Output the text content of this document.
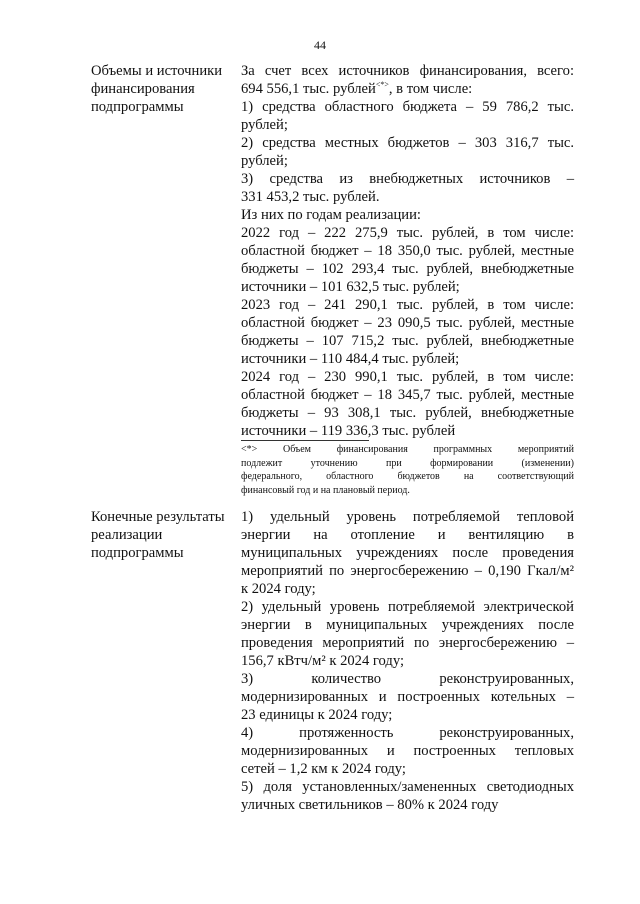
44
Объемы и источники
финансирования
подпрограммы
За счет всех источников финансирования, всего:
694 556,1 тыс. рублей<*>, в том числе:
1) средства областного бюджета – 59 786,2 тыс.
рублей;
2) средства местных бюджетов – 303 316,7 тыс.
рублей;
3) средства из внебюджетных источников –
331 453,2 тыс. рублей.
Из них по годам реализации:
2022 год – 222 275,9 тыс. рублей, в том числе:
областной бюджет – 18 350,0 тыс. рублей, местные
бюджеты – 102 293,4 тыс. рублей, внебюджетные
источники – 101 632,5 тыс. рублей;
2023 год – 241 290,1 тыс. рублей, в том числе:
областной бюджет – 23 090,5 тыс. рублей, местные
бюджеты – 107 715,2 тыс. рублей, внебюджетные
источники – 110 484,4 тыс. рублей;
2024 год – 230 990,1 тыс. рублей, в том числе:
областной бюджет – 18 345,7 тыс. рублей, местные
бюджеты – 93 308,1 тыс. рублей, внебюджетные
источники – 119 336,3 тыс. рублей
<*> Объем финансирования программных мероприятий
подлежит уточнению при формировании (изменении)
федерального, областного бюджетов на соответствующий
финансовый год и на плановый период.
Конечные результаты
реализации
подпрограммы
1) удельный уровень потребляемой тепловой
энергии на отопление и вентиляцию в
муниципальных учреждениях после проведения
мероприятий по энергосбережению – 0,190 Гкал/м²
к 2024 году;
2) удельный уровень потребляемой электрической
энергии в муниципальных учреждениях после
проведения мероприятий по энергосбережению –
156,7 кВтч/м² к 2024 году;
3) количество реконструированных,
модернизированных и построенных котельных –
23 единицы к 2024 году;
4) протяженность реконструированных,
модернизированных и построенных тепловых
сетей – 1,2 км к 2024 году;
5) доля установленных/замененных светодиодных
уличных светильников – 80% к 2024 году
